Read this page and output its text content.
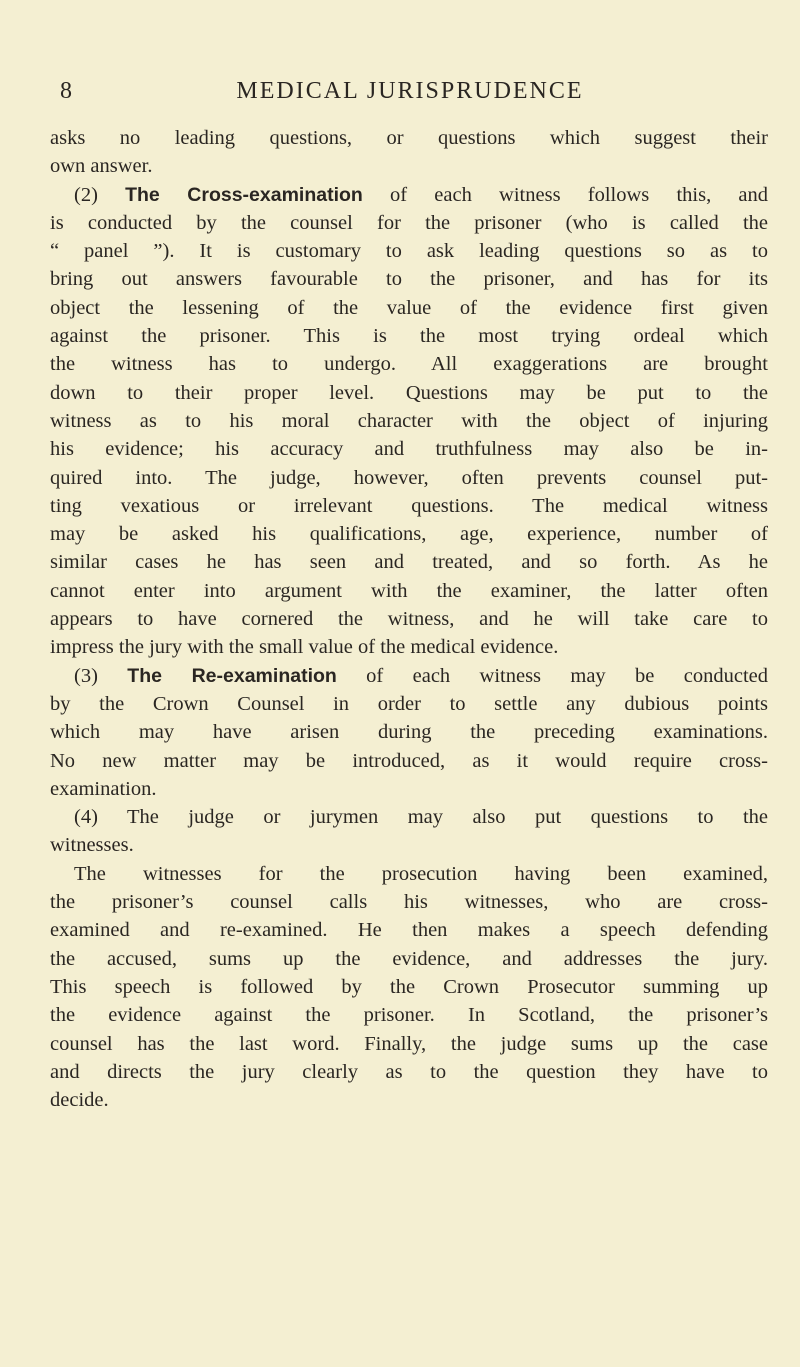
8	MEDICAL JURISPRUDENCE
asks no leading questions, or questions which suggest their
own answer.
(2) The Cross-examination of each witness follows this, and
is conducted by the counsel for the prisoner (who is called the
“ panel ”). It is customary to ask leading questions so as to
bring out answers favourable to the prisoner, and has for its
object the lessening of the value of the evidence first given
against the prisoner. This is the most trying ordeal which
the witness has to undergo. All exaggerations are brought
down to their proper level. Questions may be put to the
witness as to his moral character with the object of injuring
his evidence; his accuracy and truthfulness may also be in-
quired into. The judge, however, often prevents counsel put-
ting vexatious or irrelevant questions. The medical witness
may be asked his qualifications, age, experience, number of
similar cases he has seen and treated, and so forth. As he
cannot enter into argument with the examiner, the latter often
appears to have cornered the witness, and he will take care to
impress the jury with the small value of the medical evidence.
(3) The Re-examination of each witness may be conducted
by the Crown Counsel in order to settle any dubious points
which may have arisen during the preceding examinations.
No new matter may be introduced, as it would require cross-
examination.
(4) The judge or jurymen may also put questions to the
witnesses.
The witnesses for the prosecution having been examined,
the prisoner’s counsel calls his witnesses, who are cross-
examined and re-examined. He then makes a speech defending
the accused, sums up the evidence, and addresses the jury.
This speech is followed by the Crown Prosecutor summing up
the evidence against the prisoner. In Scotland, the prisoner’s
counsel has the last word. Finally, the judge sums up the case
and directs the jury clearly as to the question they have to
decide.
